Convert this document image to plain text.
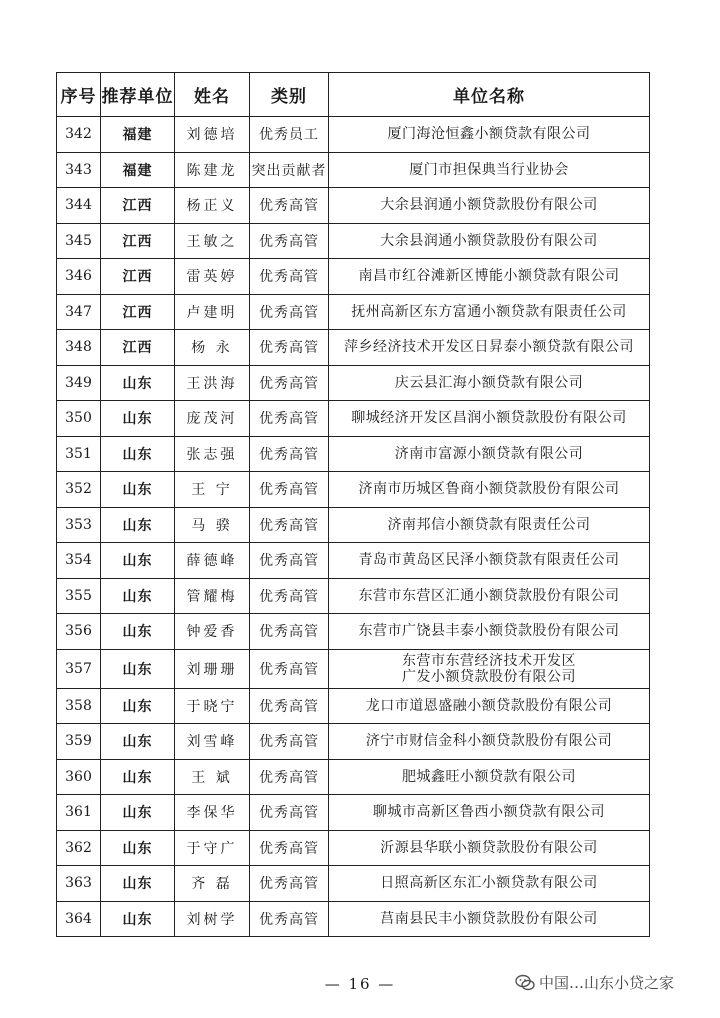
序号	推荐单位	姓名	类别	单位名称
342	福建	刘德培	优秀员工	厦门海沧恒鑫小额贷款有限公司
343	福建	陈建龙	突出贡献者	厦门市担保典当行业协会
344	江西	杨正义	优秀高管	大余县润通小额贷款股份有限公司
345	江西	王敏之	优秀高管	大余县润通小额贷款股份有限公司
346	江西	雷英婷	优秀高管	南昌市红谷滩新区博能小额贷款有限公司
347	江西	卢建明	优秀高管	抚州高新区东方富通小额贷款有限责任公司
348	江西	杨 永	优秀高管	萍乡经济技术开发区日昇泰小额贷款有限公司
349	山东	王洪海	优秀高管	庆云县汇海小额贷款有限公司
350	山东	庞茂河	优秀高管	聊城经济开发区昌润小额贷款股份有限公司
351	山东	张志强	优秀高管	济南市富源小额贷款有限公司
352	山东	王 宁	优秀高管	济南市历城区鲁商小额贷款股份有限公司
353	山东	马 骙	优秀高管	济南邦信小额贷款有限责任公司
354	山东	薛德峰	优秀高管	青岛市黄岛区民泽小额贷款有限责任公司
355	山东	管耀梅	优秀高管	东营市东营区汇通小额贷款股份有限公司
356	山东	钟爱香	优秀高管	东营市广饶县丰泰小额贷款股份有限公司
357	山东	刘珊珊	优秀高管	东营市东营经济技术开发区
广发小额贷款股份有限公司
358	山东	于晓宁	优秀高管	龙口市道恩盛融小额贷款股份有限公司
359	山东	刘雪峰	优秀高管	济宁市财信金科小额贷款股份有限公司
360	山东	王 斌	优秀高管	肥城鑫旺小额贷款有限公司
361	山东	李保华	优秀高管	聊城市高新区鲁西小额贷款有限公司
362	山东	于守广	优秀高管	沂源县华联小额贷款股份有限公司
363	山东	齐 磊	优秀高管	日照高新区东汇小额贷款有限公司
364	山东	刘树学	优秀高管	莒南县民丰小额贷款股份有限公司
— 16 —	中国…山东小贷之家
